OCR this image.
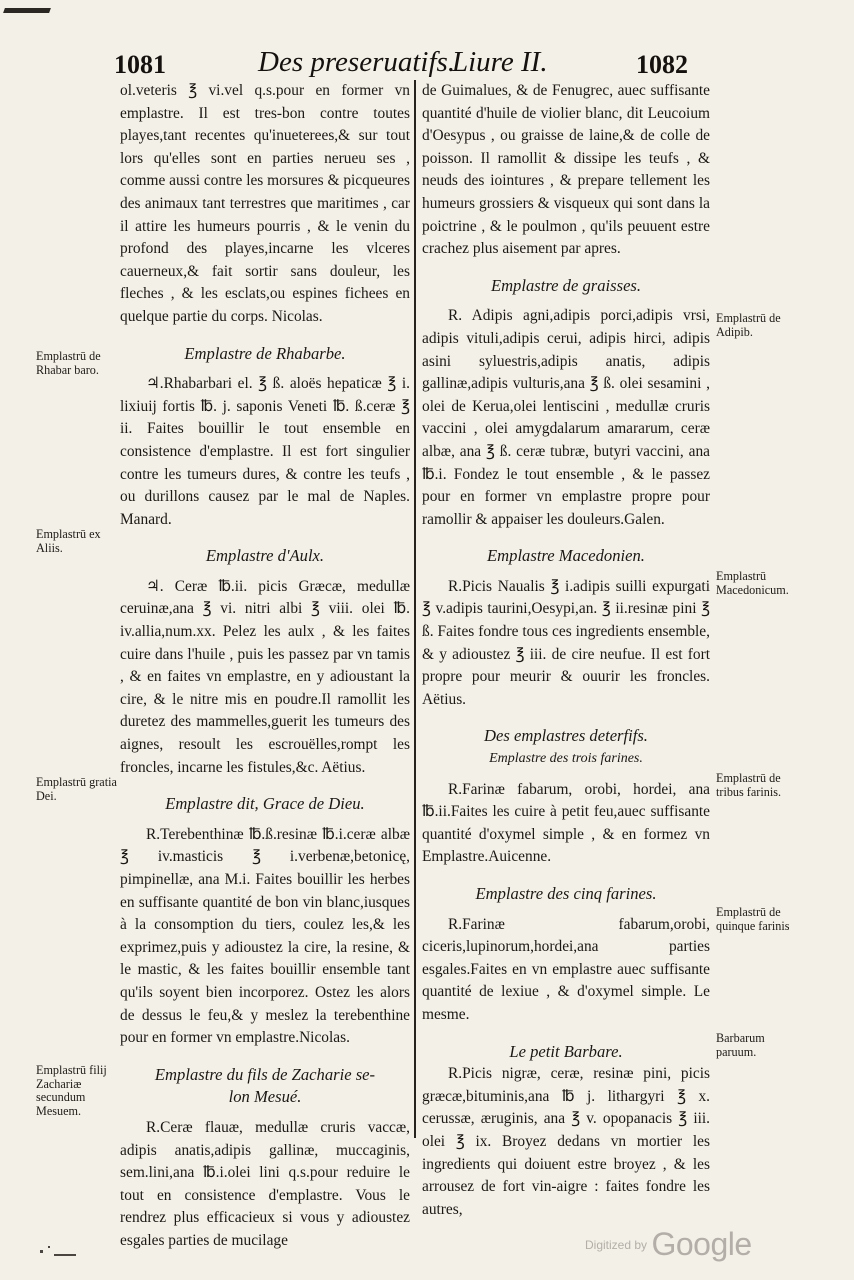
1081	Des preseruatifs.
Liure II.	1082

ol.veteris ℥ vi.vel q.s.pour en former vn emplastre. Il est tres-bon contre toutes playes,tant recentes qu'inueterees,& sur tout lors qu'elles sont en parties nerueu ses , comme aussi contre les morsures & picqueures des animaux tant terrestres que maritimes , car il attire les humeurs pourris , & le venin du profond des playes,incarne les vlceres cauerneux,& fait sortir sans douleur, les fleches , & les esclats,ou espines fichees en quelque partie du corps. Nicolas.

Emplastre de Rhabarbe.

♃.Rhabarbari el. ℥ ß. aloës hepaticæ ℥ i. lixiuij fortis ℔. j. saponis Veneti ℔. ß.ceræ ℥ ii. Faites bouillir le tout ensemble en consistence d'emplastre. Il est fort singulier contre les tumeurs dures, & contre les teufs , ou durillons causez par le mal de Naples. Manard.

Emplastre d'Aulx.

♃. Ceræ ℔.ii. picis Græcæ, medullæ ceruinæ,ana ℥ vi. nitri albi ℥ viii. olei ℔. iv.allia,num.xx. Pelez les aulx , & les faites cuire dans l'huile , puis les passez par vn tamis , & en faites vn emplastre, en y adioustant la cire, & le nitre mis en poudre.Il ramollit les duretez des mammelles,guerit les tumeurs des aignes, resoult les escrouëlles,rompt les froncles, incarne les fistules,&c. Aëtius.

Emplastre dit, Grace de Dieu.

R.Terebenthinæ ℔.ß.resinæ ℔.i.ceræ albæ ℥ iv.masticis ℥ i.verbenæ,betonicę, pimpinellæ, ana M.i. Faites bouillir les herbes en suffisante quantité de bon vin blanc,iusques à la consomption du tiers, coulez les,& les exprimez,puis y adioustez la cire, la resine, & le mastic, & les faites bouillir ensemble tant qu'ils soyent bien incorporez. Ostez les alors de dessus le feu,& y meslez la terebenthine pour en former vn emplastre.Nicolas.

Emplastre du fils de Zacharie se-
lon Mesué.

R.Ceræ flauæ, medullæ cruris vaccæ, adipis anatis,adipis gallinæ, muccaginis, sem.lini,ana ℔.i.olei lini q.s.pour reduire le tout en consistence d'emplastre. Vous le rendrez plus efficacieux si vous y adioustez esgales parties de mucilage

de Guimalues, & de Fenugrec, auec suffisante quantité d'huile de violier blanc, dit Leucoium d'Oesypus , ou graisse de laine,& de colle de poisson. Il ramollit & dissipe les teufs , & neuds des iointures , & prepare tellement les humeurs grossiers & visqueux qui sont dans la poictrine , & le poulmon , qu'ils peuuent estre crachez plus aisement par apres.

Emplastre de graisses.

R. Adipis agni,adipis porci,adipis vrsi, adipis vituli,adipis cerui, adipis hirci, adipis asini syluestris,adipis anatis, adipis gallinæ,adipis vulturis,ana ℥ ß. olei sesamini , olei de Kerua,olei lentiscini , medullæ cruris vaccini , olei amygdalarum amararum, ceræ albæ, ana ℥ ß. ceræ tubræ, butyri vaccini, ana ℔.i. Fondez le tout ensemble , & le passez pour en former vn emplastre propre pour ramollir & appaiser les douleurs.Galen.

Emplastre Macedonien.

R.Picis Naualis ℥ i.adipis suilli expurgati ℥ v.adipis taurini,Oesypi,an. ℥ ii.resinæ pini ℥ ß. Faites fondre tous ces ingredients ensemble, & y adioustez ℥ iii. de cire neufue. Il est fort propre pour meurir & ouurir les froncles. Aëtius.

Des emplastres deterfifs.
Emplastre des trois farines.

R.Farinæ fabarum, orobi, hordei, ana ℔.ii.Faites les cuire à petit feu,auec suffisante quantité d'oxymel simple , & en formez vn Emplastre.Auicenne.

Emplastre des cinq farines.

R.Farinæ fabarum,orobi, ciceris,lupinorum,hordei,ana parties esgales.Faites en vn emplastre auec suffisante quantité de lexiue , & d'oxymel simple. Le mesme.

Le petit Barbare.

R.Picis nigræ, ceræ, resinæ pini, picis græcæ,bituminis,ana ℔ j. lithargyri ℥ x. cerussæ, æruginis, ana ℥ v. opopanacis ℥ iii. olei ℥ ix. Broyez dedans vn mortier les ingredients qui doiuent estre broyez , & les arrousez de fort vin-aigre : faites fondre les autres,

Emplastrū de Rhabar baro.
Emplastrū ex Aliis.
Emplastrū gratia Dei.
Emplastrū filij Zachariæ secundum Mesuem.
Emplastrū de Adipib.
Emplastrū Macedonicum.
Emplastrū de tribus farinis.
Emplastrū de quinque farinis
Barbarum paruum.
$^{Digitized by}$ Google
